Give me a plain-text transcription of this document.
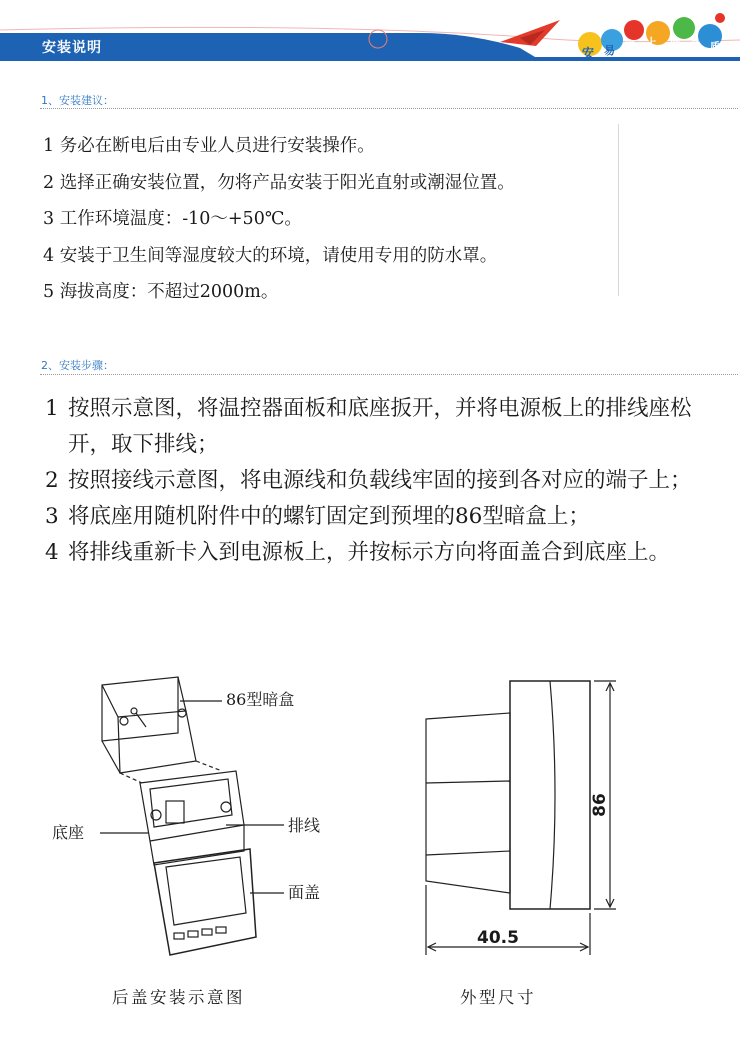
安装说明	安 易 买 上 好 品 质
1、安装建议：
1 务必在断电后由专业人员进行安装操作。
2 选择正确安装位置，勿将产品安装于阳光直射或潮湿位置。
3 工作环境温度：-10～+50℃。
4 安装于卫生间等湿度较大的环境，请使用专用的防水罩。
5 海拔高度：不超过2000m。
2、安装步骤：
1 按照示意图，将温控器面板和底座扳开，并将电源板上的排线座松开，取下排线；
2 按照接线示意图，将电源线和负载线牢固的接到各对应的端子上；
3 将底座用随机附件中的螺钉固定到预埋的86型暗盒上；
4 将排线重新卡入到电源板上，并按标示方向将面盖合到底座上。
86型暗盒
底座	排线
面盖
86
40.5
后盖安装示意图	外型尺寸
